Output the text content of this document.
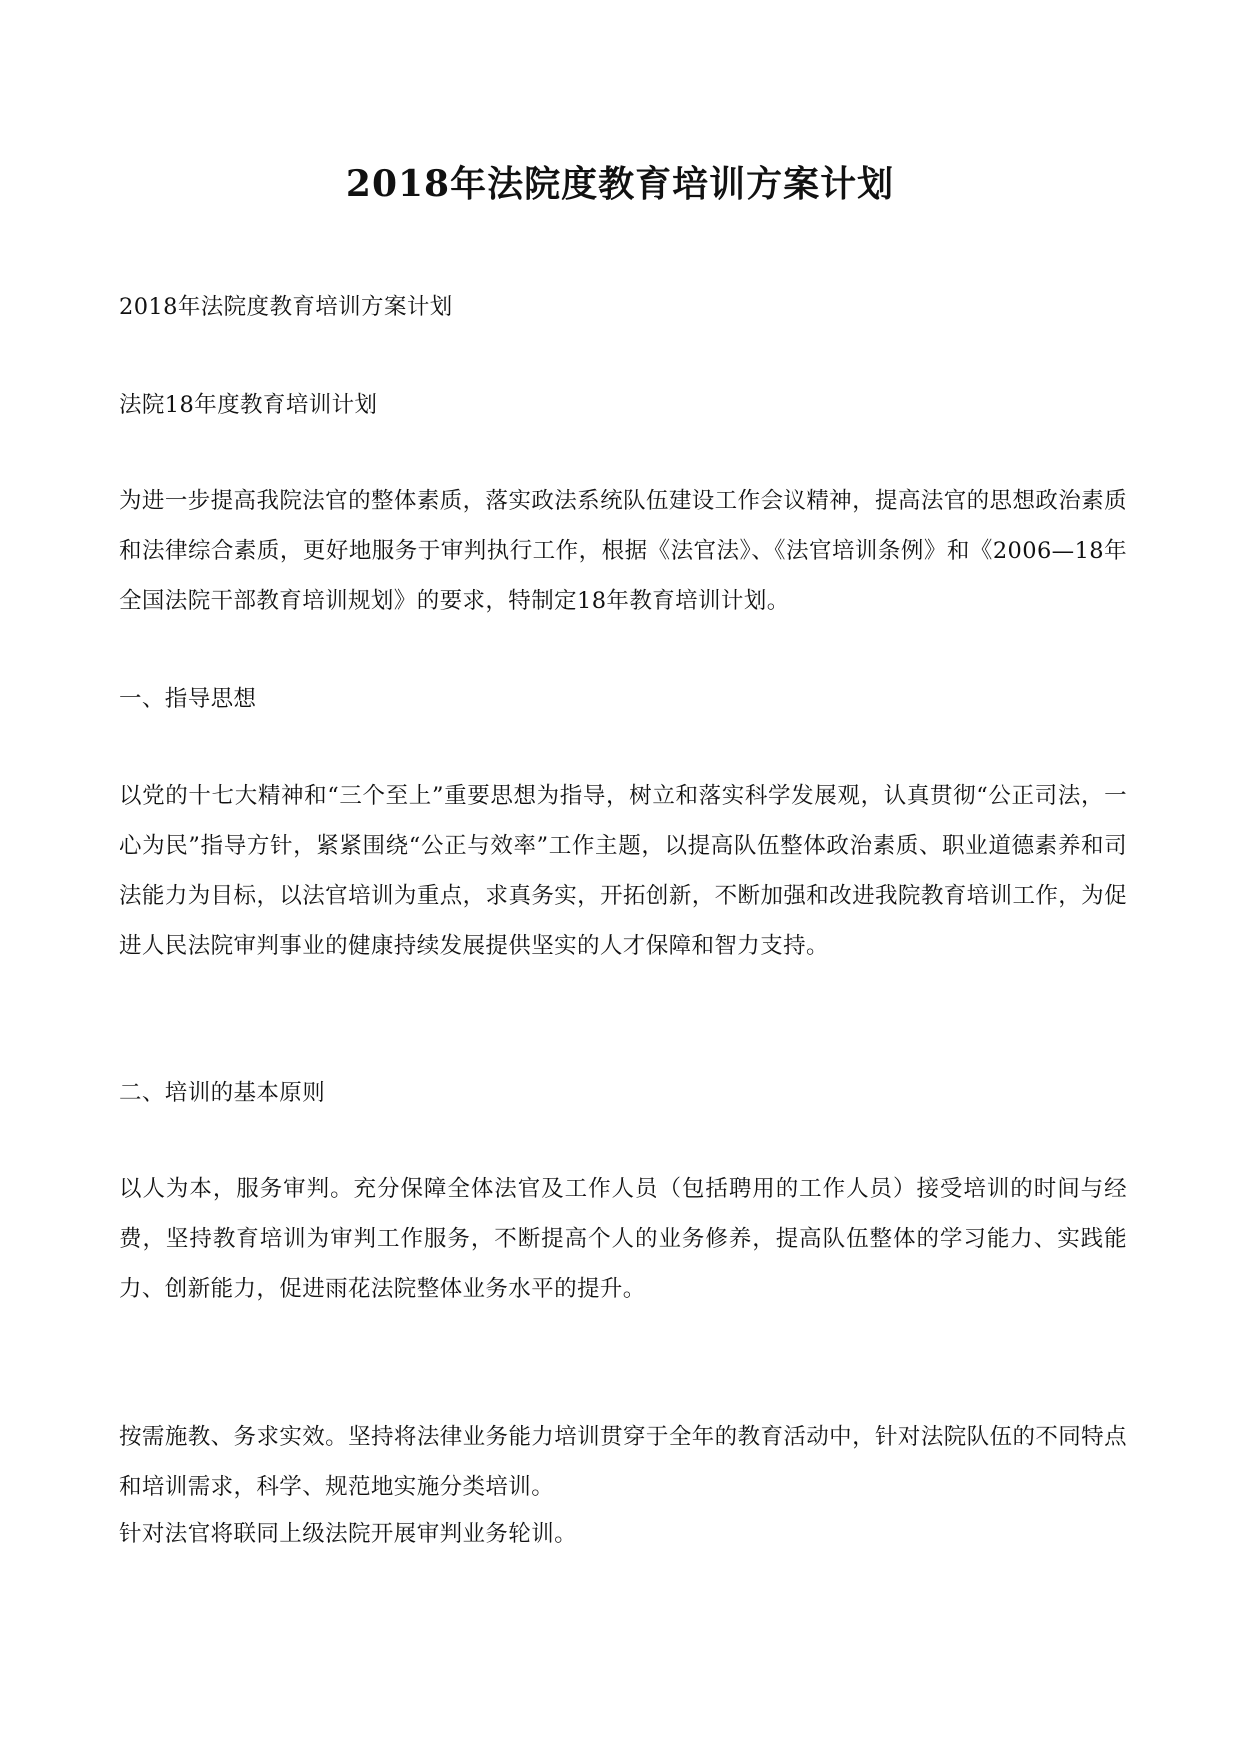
2018年法院度教育培训方案计划

2018年法院度教育培训方案计划

法院18年度教育培训计划

为进一步提高我院法官的整体素质，落实政法系统队伍建设工作会议精神，提高法官的思想政治素质和法律综合素质，更好地服务于审判执行工作，根据《法官法》、《法官培训条例》和《2006—18年全国法院干部教育培训规划》的要求，特制定18年教育培训计划。

一、指导思想

以党的十七大精神和“三个至上”重要思想为指导，树立和落实科学发展观，认真贯彻“公正司法，一心为民”指导方针，紧紧围绕“公正与效率”工作主题，以提高队伍整体政治素质、职业道德素养和司法能力为目标，以法官培训为重点，求真务实，开拓创新，不断加强和改进我院教育培训工作，为促进人民法院审判事业的健康持续发展提供坚实的人才保障和智力支持。

二、培训的基本原则

以人为本，服务审判。充分保障全体法官及工作人员（包括聘用的工作人员）接受培训的时间与经费，坚持教育培训为审判工作服务，不断提高个人的业务修养，提高队伍整体的学习能力、实践能力、创新能力，促进雨花法院整体业务水平的提升。

按需施教、务求实效。坚持将法律业务能力培训贯穿于全年的教育活动中，针对法院队伍的不同特点和培训需求，科学、规范地实施分类培训。

针对法官将联同上级法院开展审判业务轮训。
